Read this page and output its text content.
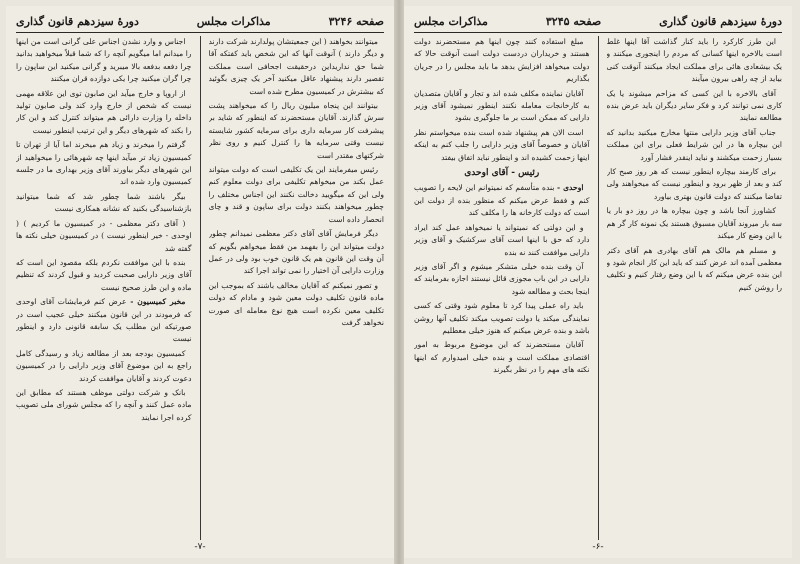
صفحه ۳۲۴۶
مذاکرات مجلس
دورهٔ سیزدهم قانون گذاری

میتوانند بخواهند ( این جمعیتشان پولدارند شرکت دارند و دیگر دارند ) آنوقت آنها که این شخص باید کفتکه آقا شما حق نداریداین درحقیقت اجحافی است مملکت تقصیر دارند پیشنهاد عاقل میکنید آخر یک چیزی بگوئید که بیشترش در کمیسیون مطرح شده است

بیتوانند این پنجاه میلیون ریال را که میخواهند پشت سرش گذارند. آقایان مستحضرند که اینطور که شاید بر پیشرفت کار سرمایه داری برای سرمایه کشور شایسته نیست وقتی سرمایه ها را کنترل کنیم و روی نظر شرکتهای مقتدر است

رئیس میفرمایند این یک تکلیفی است که دولت میتواند عمل بکند من میخواهم تکلیفی برای دولت معلوم کنم ولی این که میگویید دخالت نکنند این اجناس مختلف را چطور میخواهند بکنند دولت برای ساپون و قند و چای انحصار داده است

دیگر فرمایش آقای آقای دکتر معظمی نمیدانم چطور دولت میتواند این را بفهمد من فقط میخواهم بگویم که آن وقت این قانون هم یک قانون خوب بود ولی در عمل وزارت دارایی آن اختیار را نمی تواند اجرا کند

و تصور نمیکنم که آقایان مخالف باشند که بموجب این ماده قانون تکلیف دولت معین شود و مادام که دولت تکلیف معین نکرده است هیچ نوع معامله ای صورت نخواهد گرفت

اجناس و وارد نشدن اجناس علی گرانی است من اینها را میدانم اما میگویم آنچه را که شما قبلاً میخواهید بدانید چرا دفعه بدفعه بالا میبرید و گرانی میکنید این ساپون را چرا گران میکنید چرا یکی دوازده قران میکنند

از اروپا و خارج میآید این صابون توی این علاقه مهمی نیست که شخص از خارج وارد کند ولی صابون تولید داخله را وزارت دارائی هم میتواند کنترل کند و این کار را بکند که شهرهای دیگر و این ترتیب اینطور نیست

گرفتم را میخرند و زیاد هم میخرند اما آیا از تهران تا کمیسیون زیاد تر میآید اینها چه شهرهائی را میخواهید از این شهرهای دیگر بیاورند آقای وزیر بهداری ما در جلسه کمیسیون وارد شده اند

بیگر باشند شما چطور شد که شما میتوانید بازشناسیدگی بکنید که نشانه همکاری نیست

( آقای دکتر معظمی - در کمیسیون ما کردیم ) ( اوحدی - خیر اینطور نیست ) در کمیسیون خیلی نکته ها گفته شد

بنده با این موافقت نکردم بلکه مقصود این است که آقای وزیر دارایی صحبت کردید و قبول کردند که تنظیم ماده و این طرز صحیح نیست

مخبر کمیسیون - عرض کنم فرمایشات آقای اوحدی که فرمودند در این قانون میکنند خیلی عجیب است در صورتیکه این مطلب یک سابقه قانونی دارد و اینطور نیست

کمیسیون بودجه بعد از مطالعه زیاد و رسیدگی کامل راجع به این موضوع آقای وزیر دارایی را در کمیسیون دعوت کردند و آقایان موافقت کردند

بانک و شرکت دولتی موظف هستند که مطابق این ماده عمل کنند و آنچه را که مجلس شورای ملی تصویب کرده اجرا نمایند

-۷-
دورهٔ سیزدهم قانون گذاری
صفحه ۳۲۴۵
مذاکرات مجلس

این طرز کارکرد را باید کنار گذاشت آقا اینها غلط است بالاخره اینها کسانی که مردم را اینجوری میکنند و یک بیشعادی هائی برای مملکت ایجاد میکنند آنوقت کنی بیاید از چه راهی بیرون میآیند

آقای بالاخره با این کسی که مزاحم میشوند یا یک کاری نمی توانند کرد و فکر سایر دیگران باید عرض بنده مطالعه نمایند

جناب آقای وزیر دارایی منتها مخارج میکنید بدانید که این بیچاره ها در این شرایط فعلی برای این مملکت بسیار زحمت میکشند و نباید اینقدر فشار آورد

برای کارمند بیچاره اینطور نیست که هر روز صبح کار کند و بعد از ظهر برود و اینطور نیست که میخواهند ولی تقاضا میکنند که دولت قانون بهتری بیاورد

کشاورز آنجا باشد و چون بیچاره ها در روز دو بار یا سه بار میروند آقایان مسبوق هستند یک نمونه کار گر هم با این وضع کار میکند

و مسلم هم مالک هم آقای بهادری هم آقای دکتر معظمی آمده اند عرض کنند که باید این کار انجام شود و این بنده عرض میکنم که با این وضع رفتار کنیم و تکلیف را روشن کنیم

مبلغ استفاده کنند چون اینها هم مستحضرند دولت هستند و خریداران دردست دولت است آنوقت حالا که دولت میخواهد افزایش بدهد ما باید مجلس را در جریان بگذاریم

آقایان نماینده مکلف شده اند و تجار و آقایان متصدیان به کارخانجات معامله نکنند اینطور نمیشود آقای وزیر دارایی که ممکن است بر ما جلوگیری بشود

است الان هم پیشنهاد شده است بنده میخواستم نظر آقایان و خصوصاً آقای وزیر دارایی را جلب کنم به اینکه اینها زحمت کشیده اند و اینطور نباید اتفاق بیفتد

رئیس - آقای اوحدی

اوحدی - بنده متأسفم که نمیتوانم این لایحه را تصویب کنم و فقط عرض میکنم که منظور بنده از دولت این است که دولت کارخانه ها را مکلف کند

و این دولتی که نمیتواند یا نمیخواهد عمل کند ایراد دارد که حق با اینها است آقای سرکشیک و آقای وزیر دارایی موافقت کنند نه بنده

آن وقت بنده خیلی متشکر میشوم و اگر آقای وزیر دارایی در این باب مجوزی قائل نیستند اجازه بفرمایند که اینجا بحث و مطالعه شود

باید راه عملی پیدا کرد تا معلوم شود وقتی که کسی نمایندگی میکند یا دولت تصویب میکند تکلیف آنها روشن باشد و بنده عرض میکنم که هنوز خیلی معطلیم

آقایان مستحضرند که این موضوع مربوط به امور اقتصادی مملکت است و بنده خیلی امیدوارم که اینها نکته های مهم را در نظر بگیرند

-۶-
